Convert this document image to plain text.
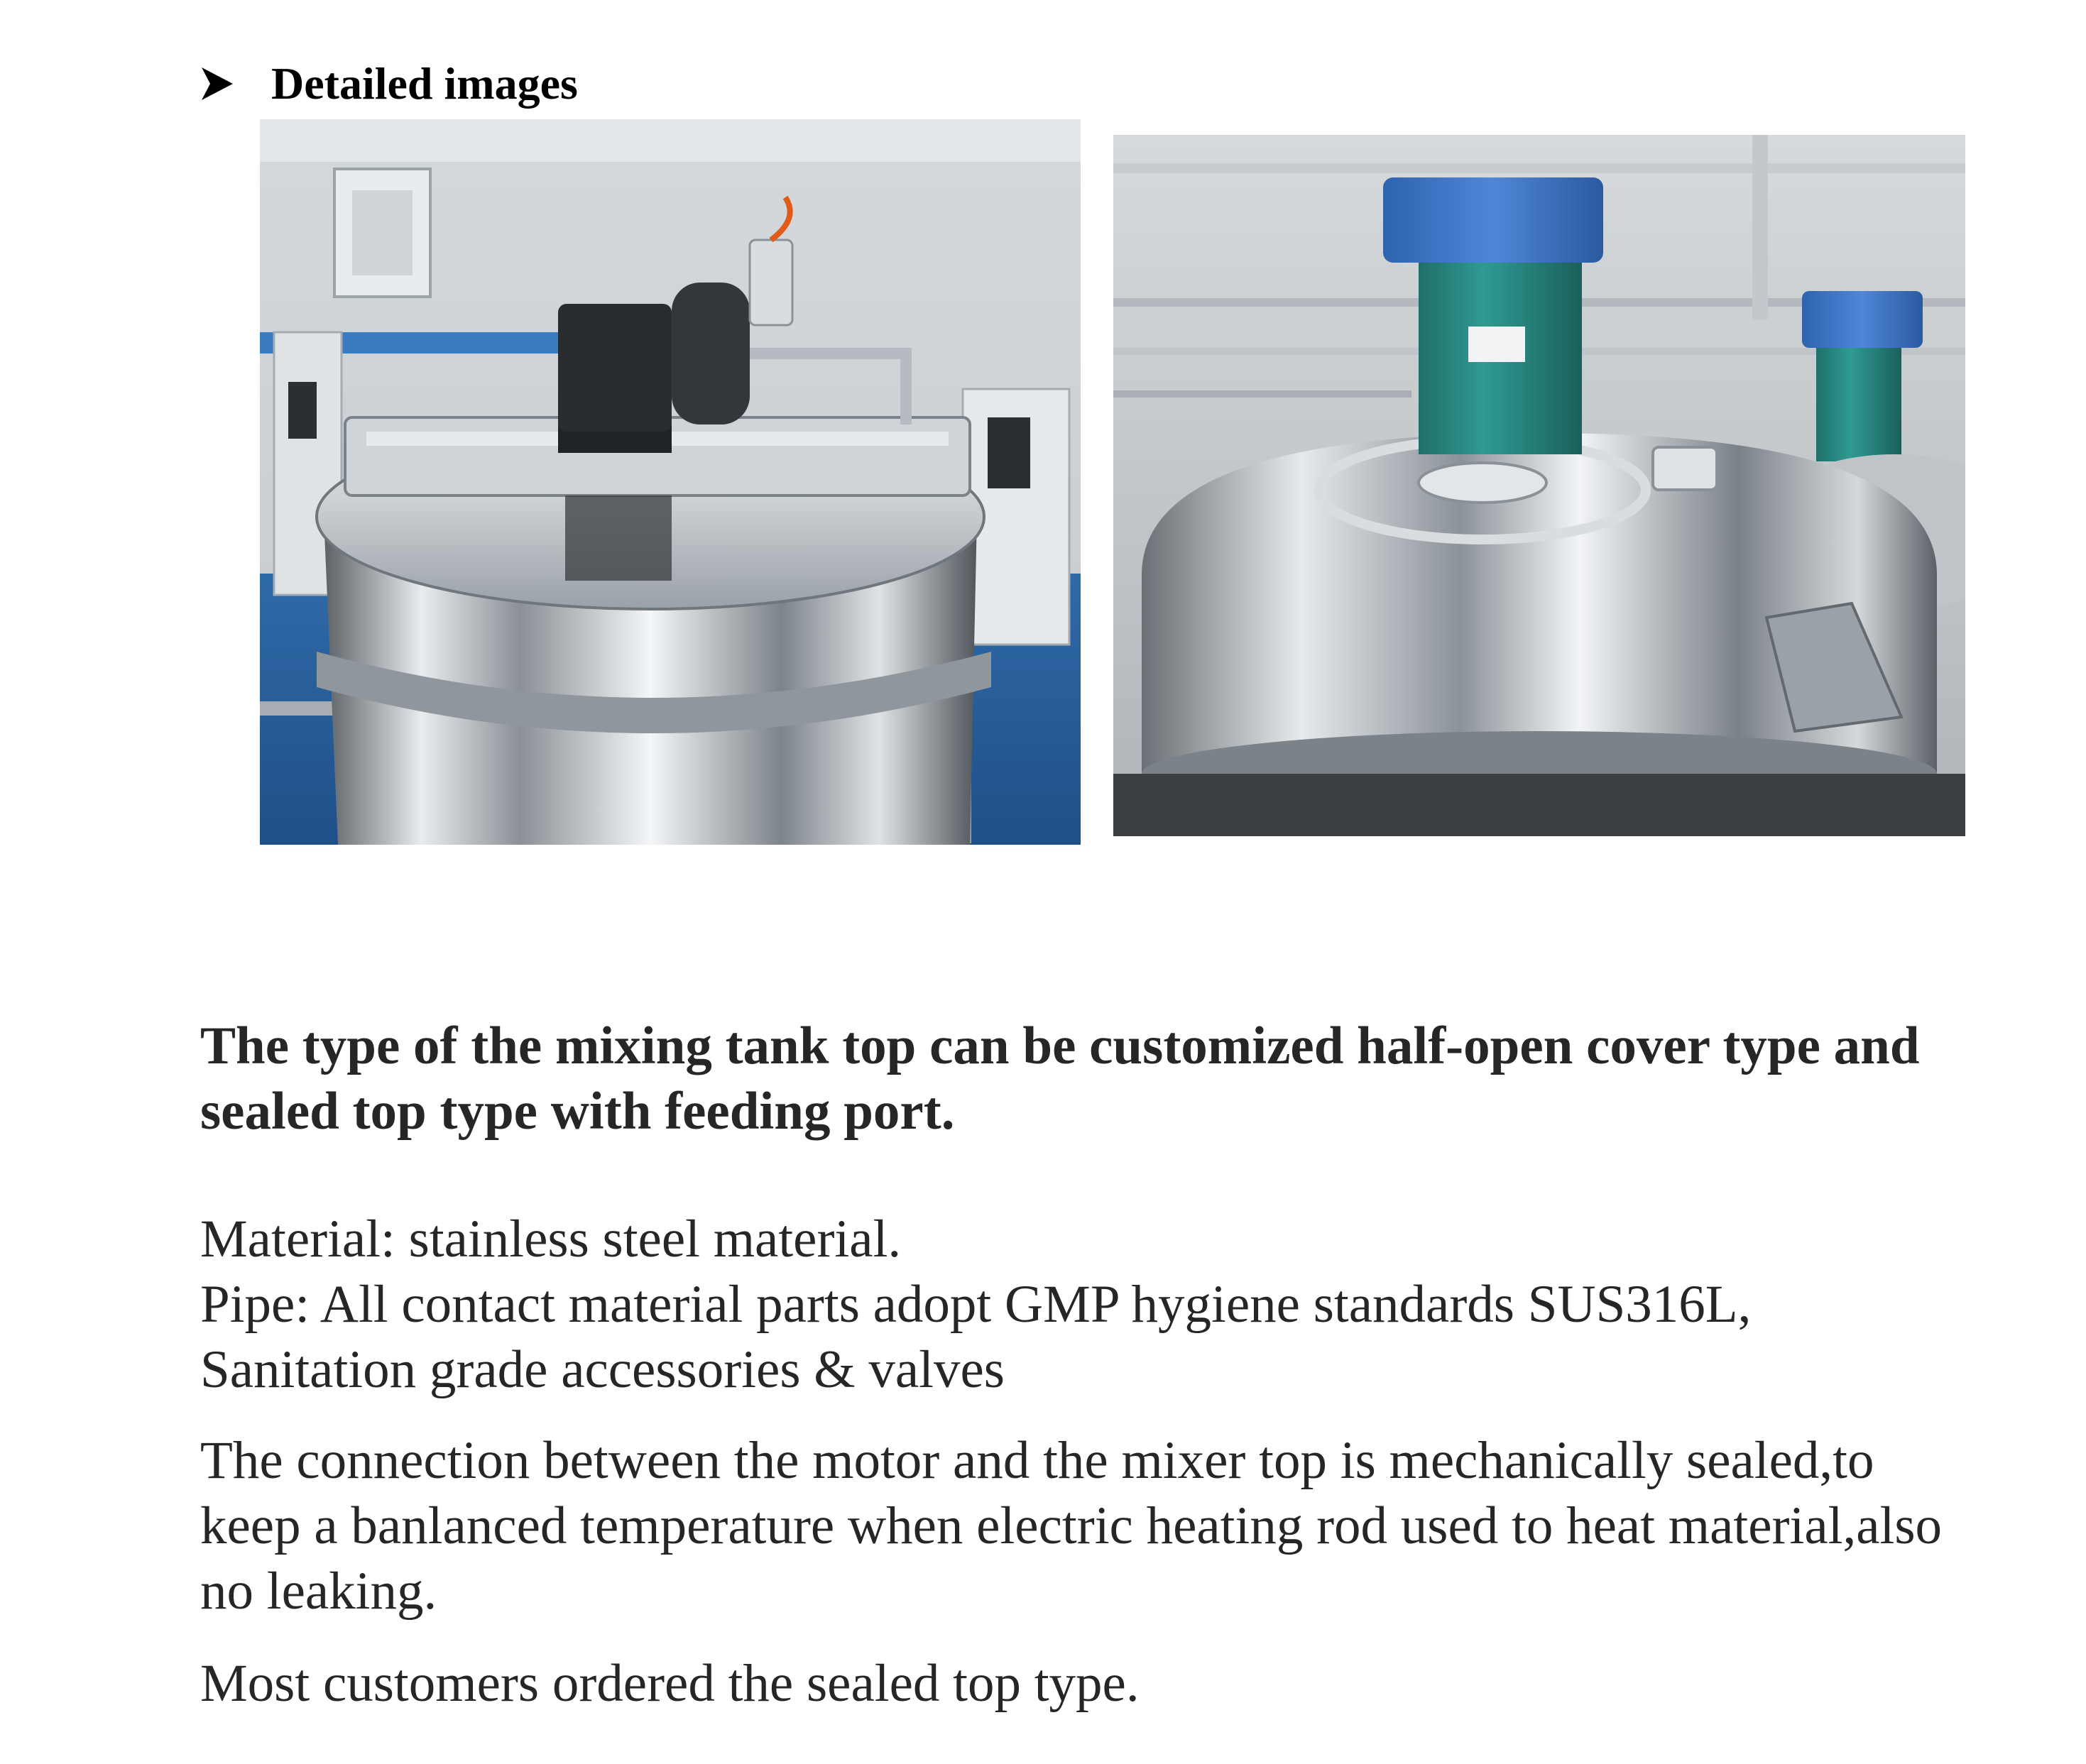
Detailed images

The type of the mixing tank top can be customized half-open cover type and sealed top type with feeding port.

Material: stainless steel material.
Pipe: All contact material parts adopt GMP hygiene standards SUS316L,
Sanitation grade accessories & valves

The connection between the motor and the mixer top is mechanically sealed,to keep a banlanced temperature when electric heating rod used to heat material,also no leaking.

Most customers ordered the sealed top type.
